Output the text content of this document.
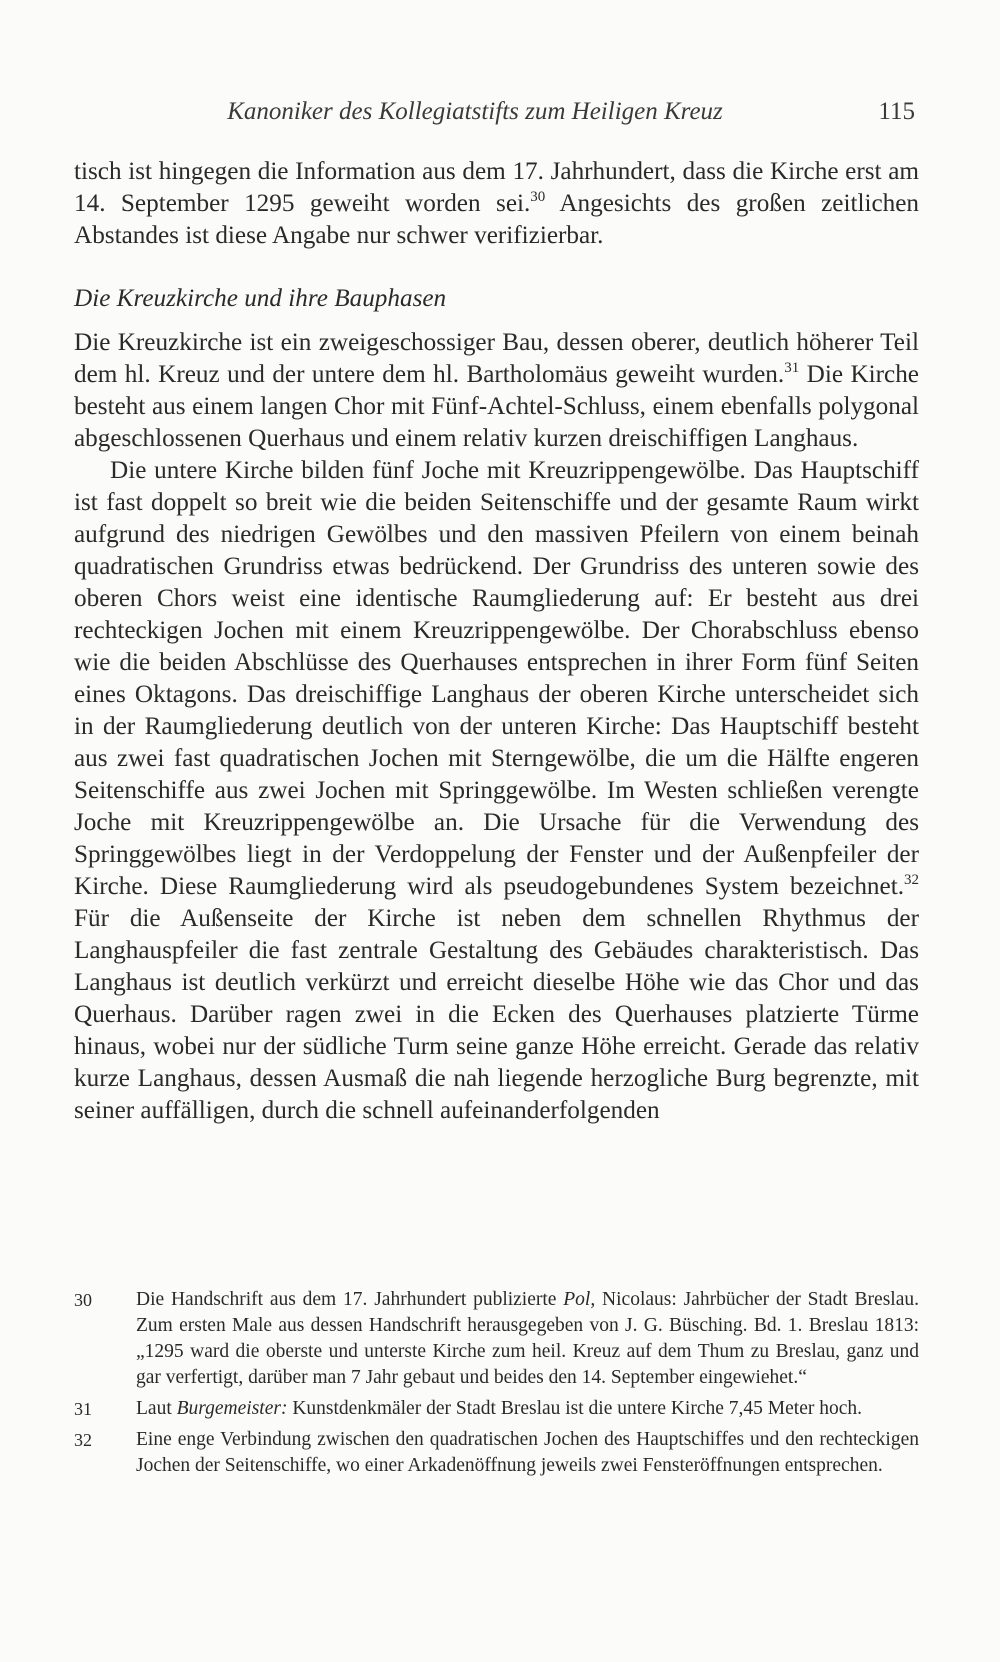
Kanoniker des Kollegiatstifts zum Heiligen Kreuz	115

tisch ist hingegen die Information aus dem 17. Jahrhundert, dass die Kirche erst am 14. September 1295 geweiht worden sei.$^{30}$ Angesichts des großen zeitlichen Abstandes ist diese Angabe nur schwer verifizierbar.

Die Kreuzkirche und ihre Bauphasen

Die Kreuzkirche ist ein zweigeschossiger Bau, dessen oberer, deutlich höherer Teil dem hl. Kreuz und der untere dem hl. Bartholomäus geweiht wurden.$^{31}$ Die Kirche besteht aus einem langen Chor mit Fünf-Achtel-Schluss, einem ebenfalls polygonal abgeschlossenen Querhaus und einem relativ kurzen dreischiffigen Langhaus.

Die untere Kirche bilden fünf Joche mit Kreuzrippengewölbe. Das Hauptschiff ist fast doppelt so breit wie die beiden Seitenschiffe und der gesamte Raum wirkt aufgrund des niedrigen Gewölbes und den massiven Pfeilern von einem beinah quadratischen Grundriss etwas bedrückend. Der Grundriss des unteren sowie des oberen Chors weist eine identische Raumgliederung auf: Er besteht aus drei rechteckigen Jochen mit einem Kreuzrippengewölbe. Der Chorabschluss ebenso wie die beiden Abschlüsse des Querhauses entsprechen in ihrer Form fünf Seiten eines Oktagons. Das dreischiffige Langhaus der oberen Kirche unterscheidet sich in der Raumgliederung deutlich von der unteren Kirche: Das Hauptschiff besteht aus zwei fast quadratischen Jochen mit Sterngewölbe, die um die Hälfte engeren Seitenschiffe aus zwei Jochen mit Springgewölbe. Im Westen schließen verengte Joche mit Kreuzrippengewölbe an. Die Ursache für die Verwendung des Springgewölbes liegt in der Verdoppelung der Fenster und der Außenpfeiler der Kirche. Diese Raumgliederung wird als pseudogebundenes System bezeichnet.$^{32}$ Für die Außenseite der Kirche ist neben dem schnellen Rhythmus der Langhauspfeiler die fast zentrale Gestaltung des Gebäudes charakteristisch. Das Langhaus ist deutlich verkürzt und erreicht dieselbe Höhe wie das Chor und das Querhaus. Darüber ragen zwei in die Ecken des Querhauses platzierte Türme hinaus, wobei nur der südliche Turm seine ganze Höhe erreicht. Gerade das relativ kurze Langhaus, dessen Ausmaß die nah liegende herzogliche Burg begrenzte, mit seiner auffälligen, durch die schnell aufeinanderfolgenden

30 Die Handschrift aus dem 17. Jahrhundert publizierte Pol, Nicolaus: Jahrbücher der Stadt Breslau. Zum ersten Male aus dessen Handschrift herausgegeben von J. G. Büsching. Bd. 1. Breslau 1813: „1295 ward die oberste und unterste Kirche zum heil. Kreuz auf dem Thum zu Breslau, ganz und gar verfertigt, darüber man 7 Jahr gebaut und beides den 14. September eingewiehet.“
31 Laut Burgemeister: Kunstdenkmäler der Stadt Breslau ist die untere Kirche 7,45 Meter hoch.
32 Eine enge Verbindung zwischen den quadratischen Jochen des Hauptschiffes und den rechteckigen Jochen der Seitenschiffe, wo einer Arkadenöffnung jeweils zwei Fensteröffnungen entsprechen.
